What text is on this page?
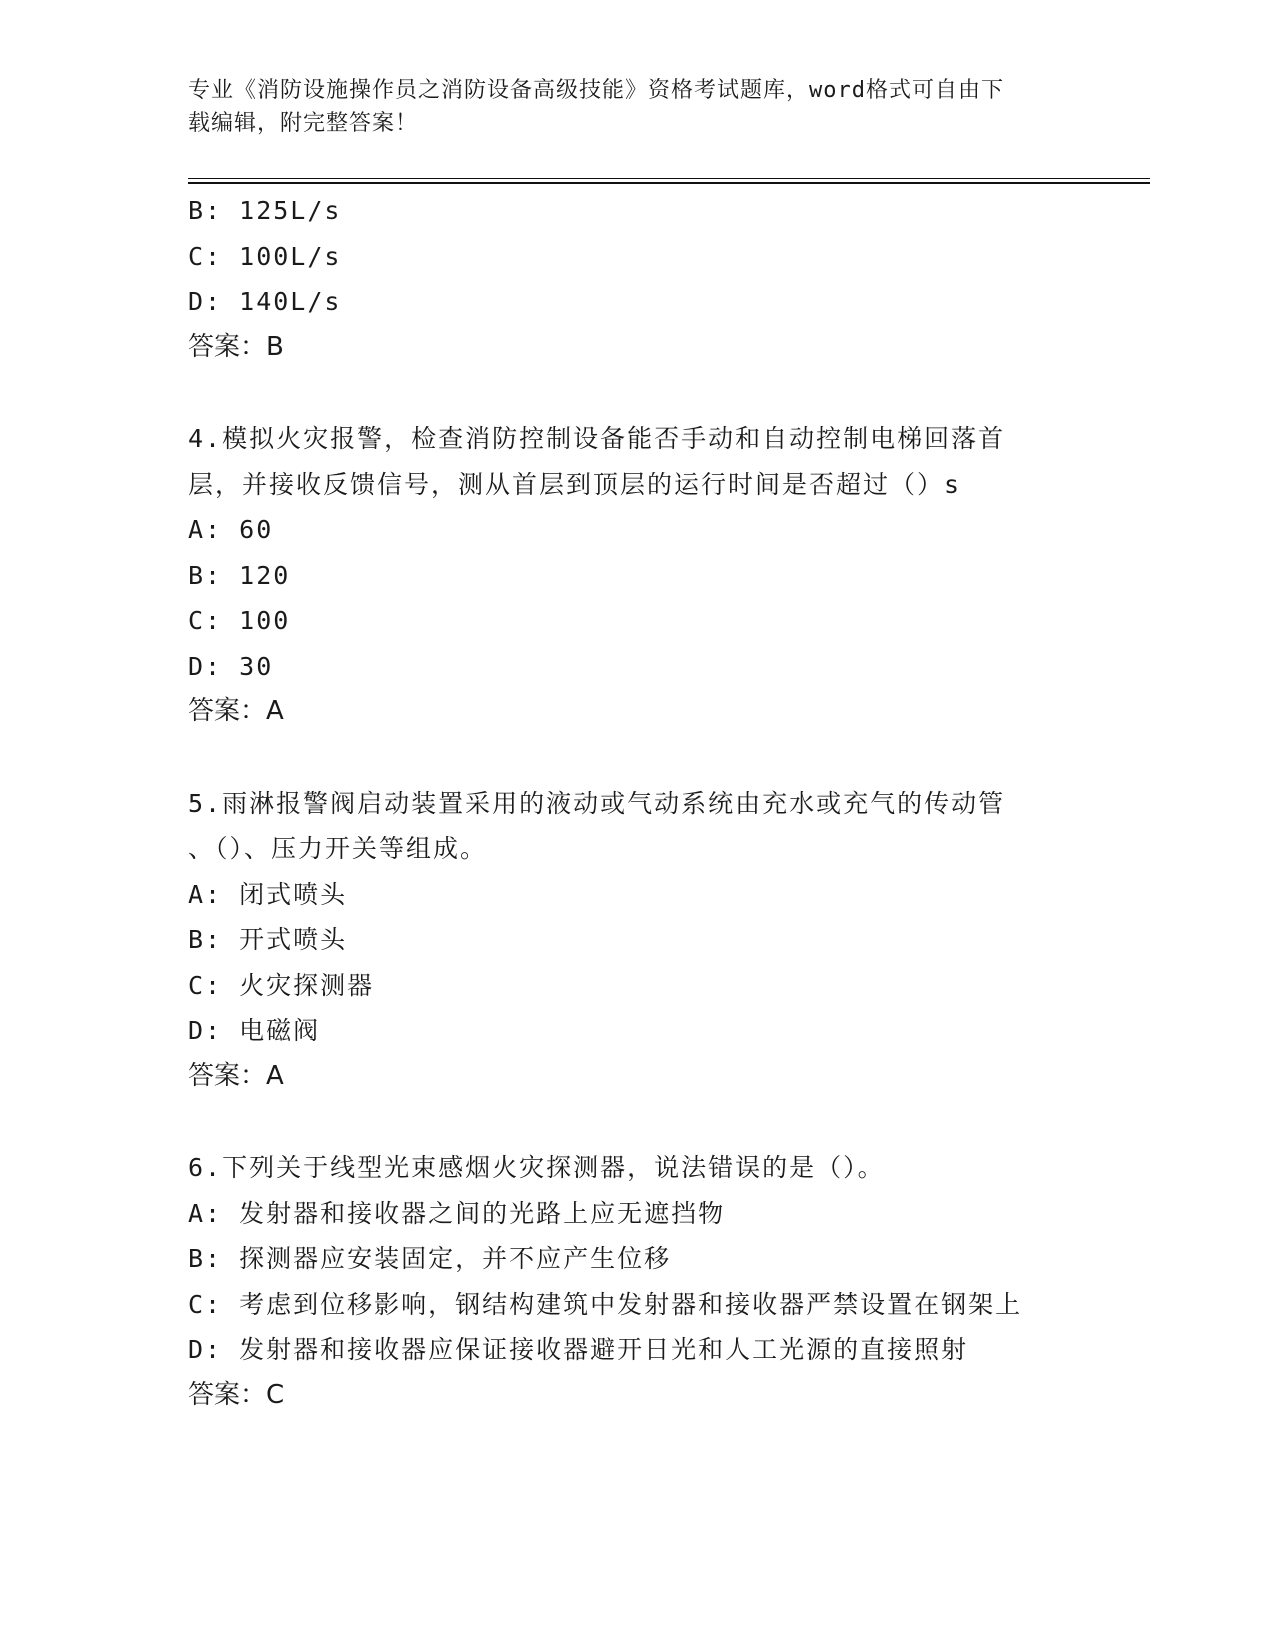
专业《消防设施操作员之消防设备高级技能》资格考试题库，word格式可自由下
载编辑，附完整答案！
B: 125L/s
C: 100L/s
D: 140L/s
答案：B
4.模拟火灾报警，检查消防控制设备能否手动和自动控制电梯回落首
层，并接收反馈信号，测从首层到顶层的运行时间是否超过（）s
A: 60
B: 120
C: 100
D: 30
答案：A
5.雨淋报警阀启动装置采用的液动或气动系统由充水或充气的传动管
、（）、压力开关等组成。
A: 闭式喷头
B: 开式喷头
C: 火灾探测器
D: 电磁阀
答案：A
6.下列关于线型光束感烟火灾探测器，说法错误的是（）。
A: 发射器和接收器之间的光路上应无遮挡物
B: 探测器应安装固定，并不应产生位移
C: 考虑到位移影响，钢结构建筑中发射器和接收器严禁设置在钢架上
D: 发射器和接收器应保证接收器避开日光和人工光源的直接照射
答案：C
